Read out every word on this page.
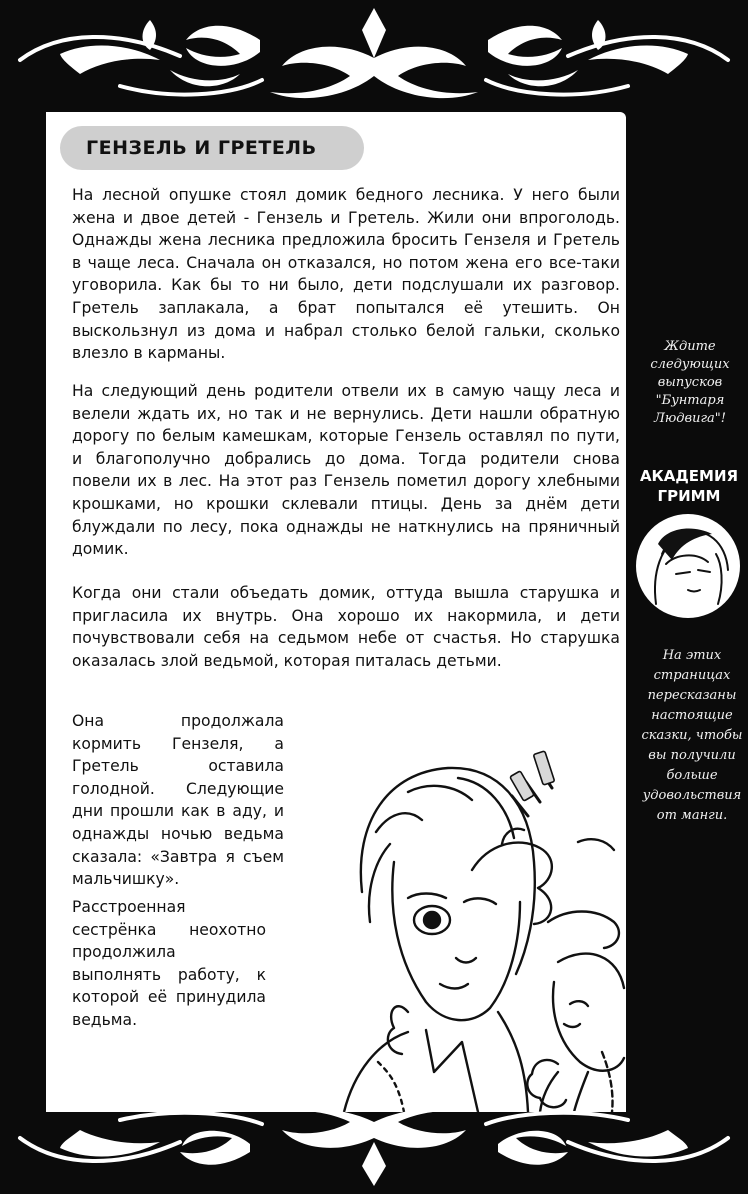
ГЕНЗЕЛЬ И ГРЕТЕЛЬ

На лесной опушке стоял домик бедного лесника. У него были жена и двое детей - Гензель и Гретель. Жили они впроголодь. Однажды жена лесника предложила бросить Гензеля и Гретель в чаще леса. Сначала он отказался, но потом жена его все-таки уговорила. Как бы то ни было, дети подслушали их разговор. Гретель заплакала, а брат попытался её утешить. Он выскользнул из дома и набрал столько белой гальки, сколько влезло в карманы.

На следующий день родители отвели их в самую чащу леса и велели ждать их, но так и не вернулись. Дети нашли обратную дорогу по белым камешкам, которые Гензель оставлял по пути, и благополучно добрались до дома. Тогда родители снова повели их в лес. На этот раз Гензель пометил дорогу хлебными крошками, но крошки склевали птицы. День за днём дети блуждали по лесу, пока однажды не наткнулись на пряничный домик.

Когда они стали объедать домик, оттуда вышла старушка и пригласила их внутрь. Она хорошо их накормила, и дети почувствовали себя на седьмом небе от счастья. Но старушка оказалась злой ведьмой, которая питалась детьми.

Она продолжала кормить Гензеля, а Гретель оставила голодной. Следующие дни прошли как в аду, и однажды ночью ведьма сказала: «Завтра я съем мальчишку».

Расстроенная сестрёнка неохотно продолжила выполнять работу, к которой её принудила ведьма.

Ждите следующих выпусков "Бунтаря Людвига"!
АКАДЕМИЯ ГРИММ
На этих страницах пересказаны настоящие сказки, чтобы вы получили больше удовольствия от манги.
